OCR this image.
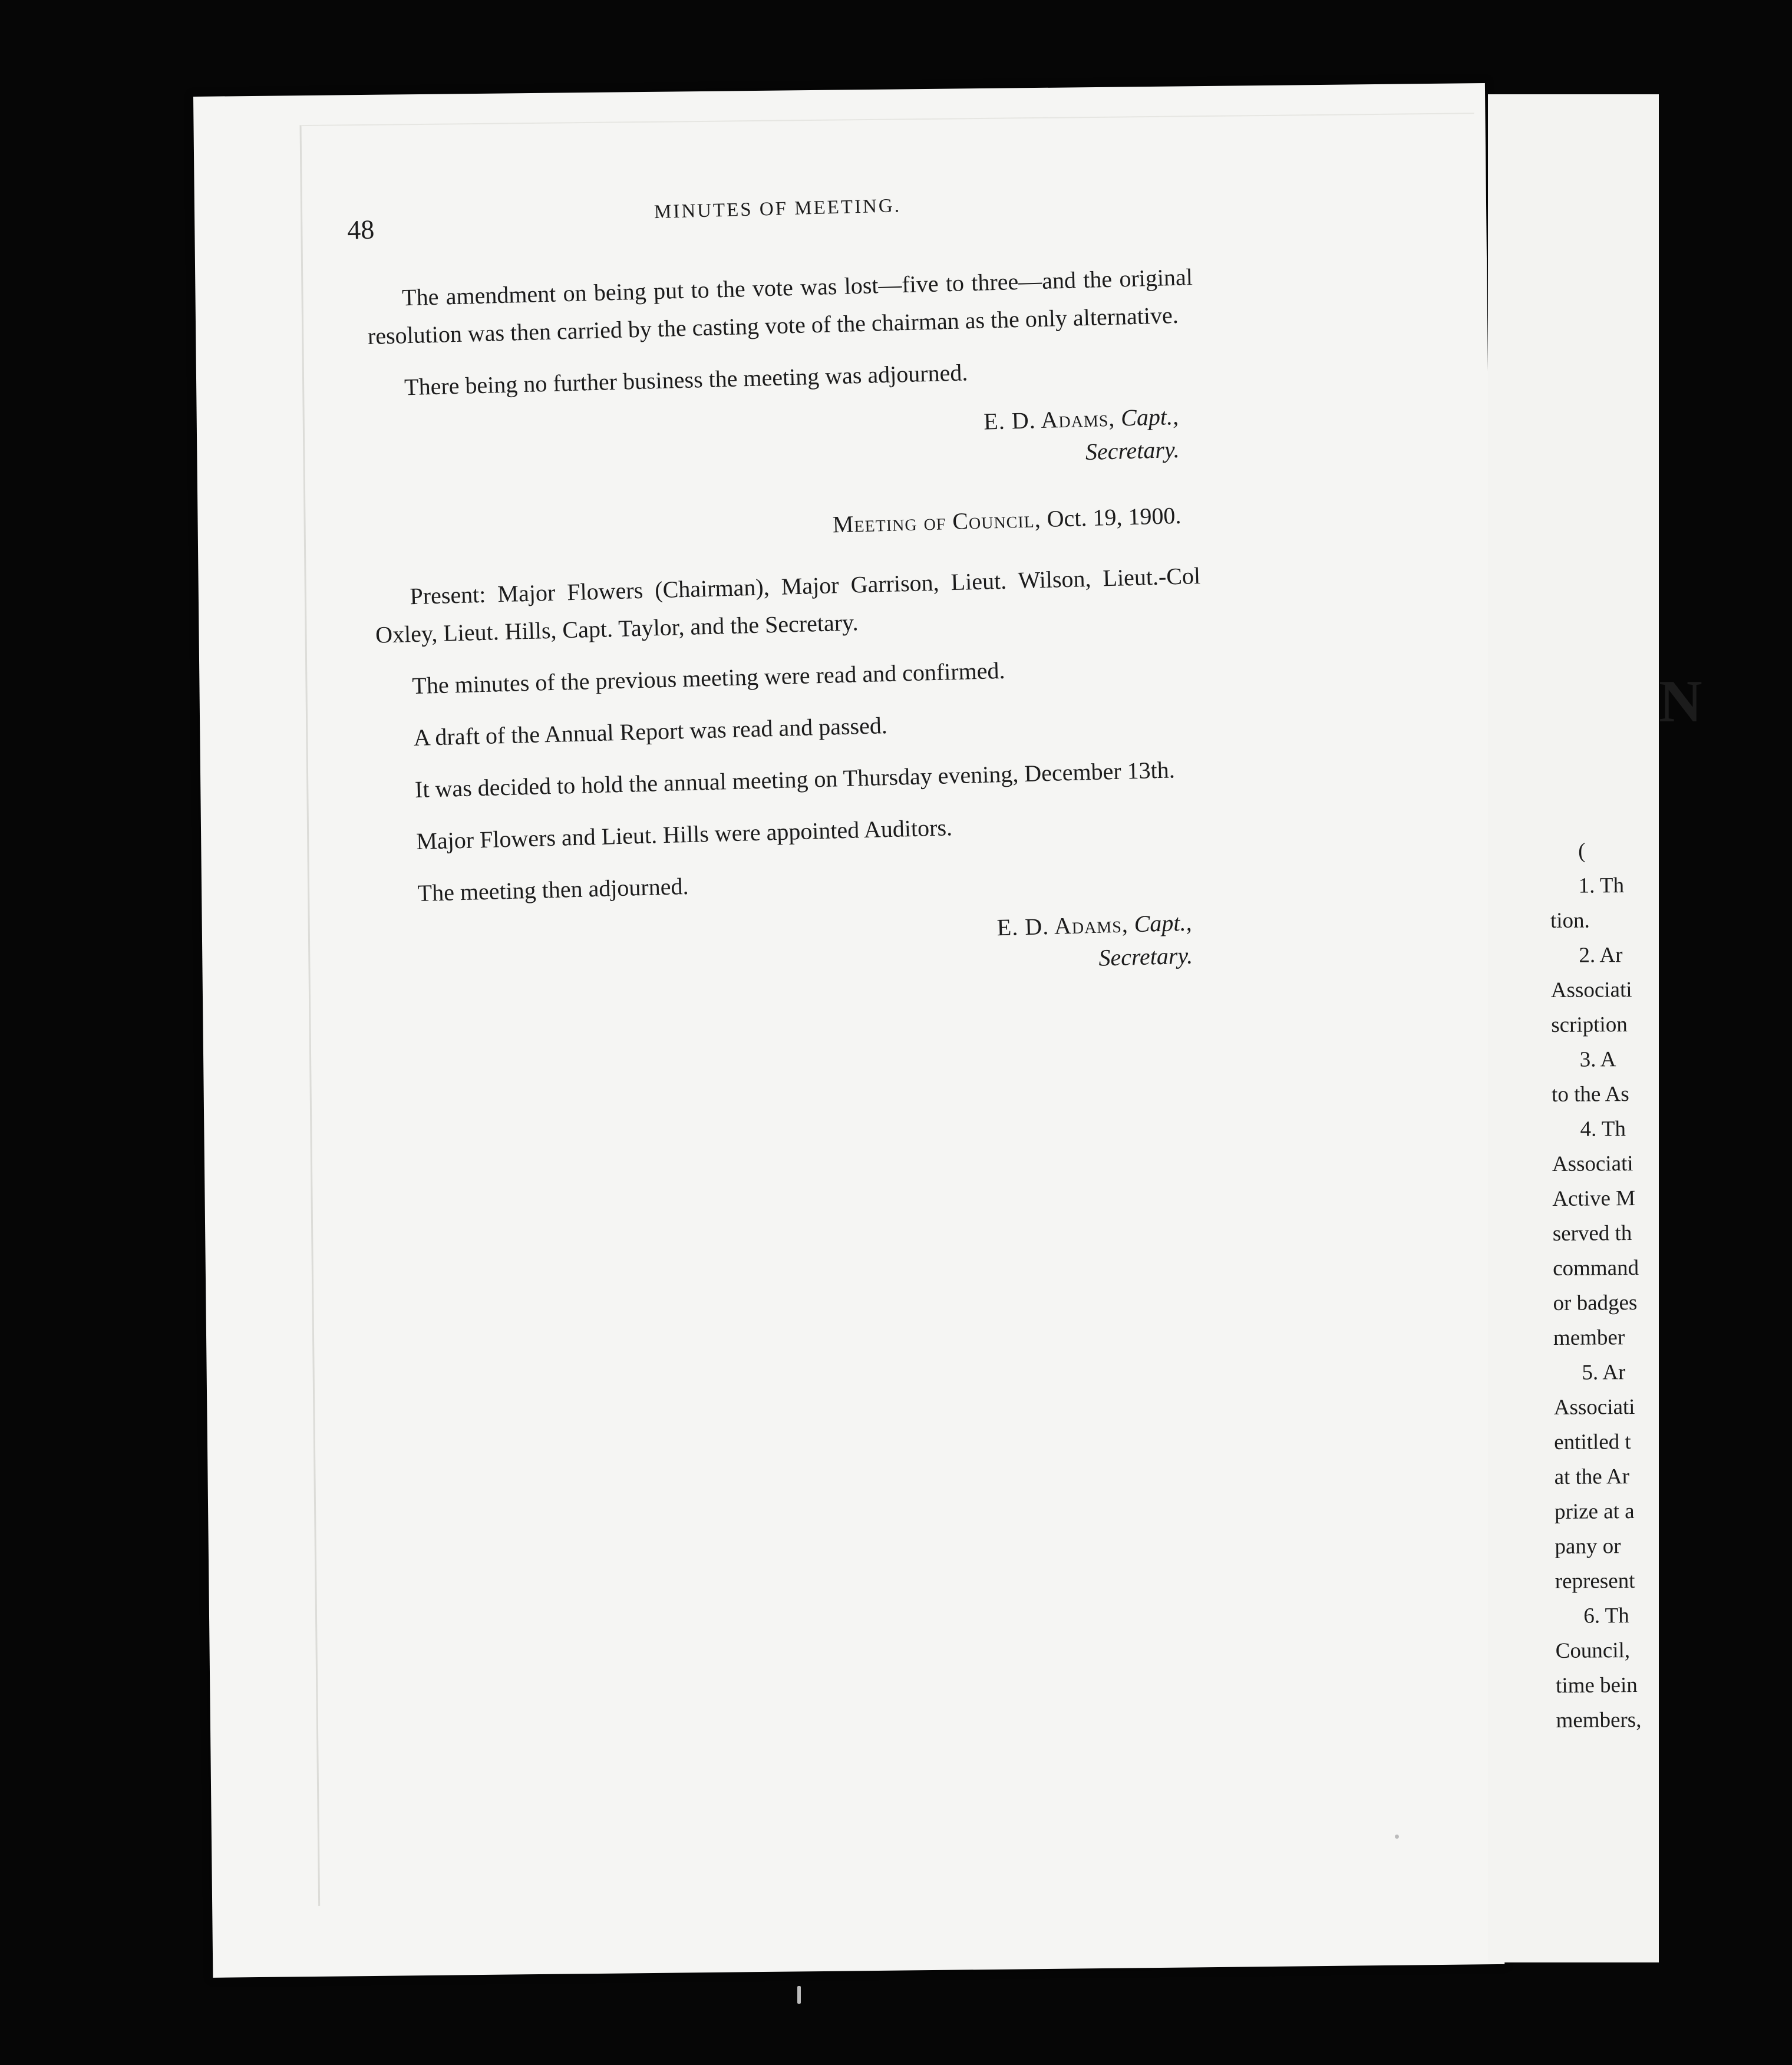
48
MINUTES OF MEETING.

The amendment on being put to the vote was lost—five to three—and the original resolution was then carried by the casting vote of the chairman as the only alternative.

There being no further business the meeting was adjourned.

E. D. Adams, Capt.,
Secretary.
Meeting of Council, Oct. 19, 1900.

Present: Major Flowers (Chairman), Major Garrison, Lieut. Wilson, Lieut.-Col Oxley, Lieut. Hills, Capt. Taylor, and the Secretary.

The minutes of the previous meeting were read and confirmed.

A draft of the Annual Report was read and passed.

It was decided to hold the annual meeting on Thursday evening, December 13th.

Major Flowers and Lieut. Hills were appointed Auditors.

The meeting then adjourned.

E. D. Adams, Capt.,
Secretary.
N
(
1. Th
tion.
2. Ar
Associati
scription
3. A
to the As
4. Th
Associati
Active M
served th
command
or badges
member
5. Ar
Associati
entitled t
at the Ar
prize at a
pany or
represent
6. Th
Council,
time bein
members,
